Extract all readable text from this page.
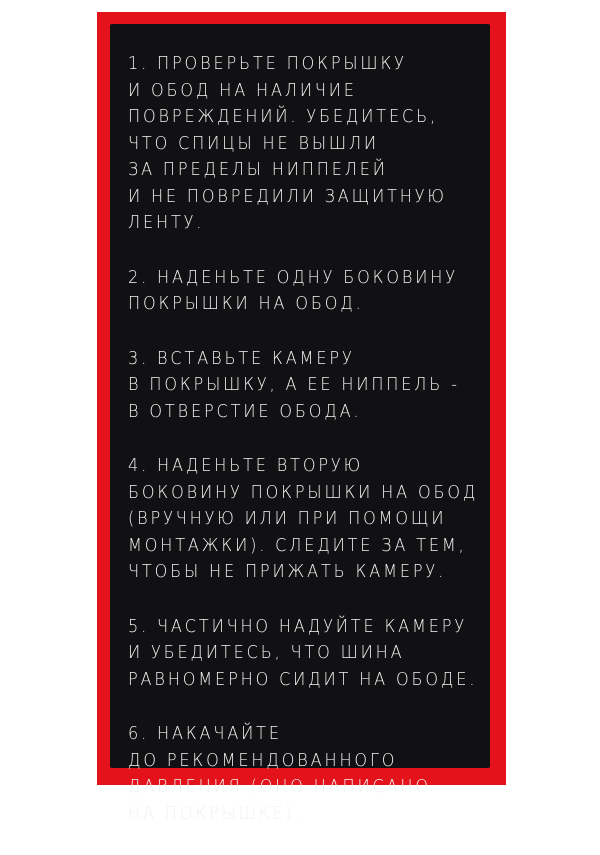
1. ПРОВЕРЬТЕ ПОКРЫШКУ
И ОБОД НА НАЛИЧИЕ
ПОВРЕЖДЕНИЙ. УБЕДИТЕСЬ,
ЧТО СПИЦЫ НЕ ВЫШЛИ
ЗА ПРЕДЕЛЫ НИППЕЛЕЙ
И НЕ ПОВРЕДИЛИ ЗАЩИТНУЮ
ЛЕНТУ.
2. НАДЕНЬТЕ ОДНУ БОКОВИНУ
ПОКРЫШКИ НА ОБОД.
3. ВСТАВЬТЕ КАМЕРУ
В ПОКРЫШКУ, А ЕЕ НИППЕЛЬ -
В ОТВЕРСТИЕ ОБОДА.
4. НАДЕНЬТЕ ВТОРУЮ
БОКОВИНУ ПОКРЫШКИ НА ОБОД
(ВРУЧНУЮ ИЛИ ПРИ ПОМОЩИ
МОНТАЖКИ). СЛЕДИТЕ ЗА ТЕМ,
ЧТОБЫ НЕ ПРИЖАТЬ КАМЕРУ.
5. ЧАСТИЧНО НАДУЙТЕ КАМЕРУ
И УБЕДИТЕСЬ, ЧТО ШИНА
РАВНОМЕРНО СИДИТ НА ОБОДЕ.
6. НАКАЧАЙТЕ
ДО РЕКОМЕНДОВАННОГО
ДАВЛЕНИЯ (ОНО НАПИСАНО
НА ПОКРЫШКЕ).
